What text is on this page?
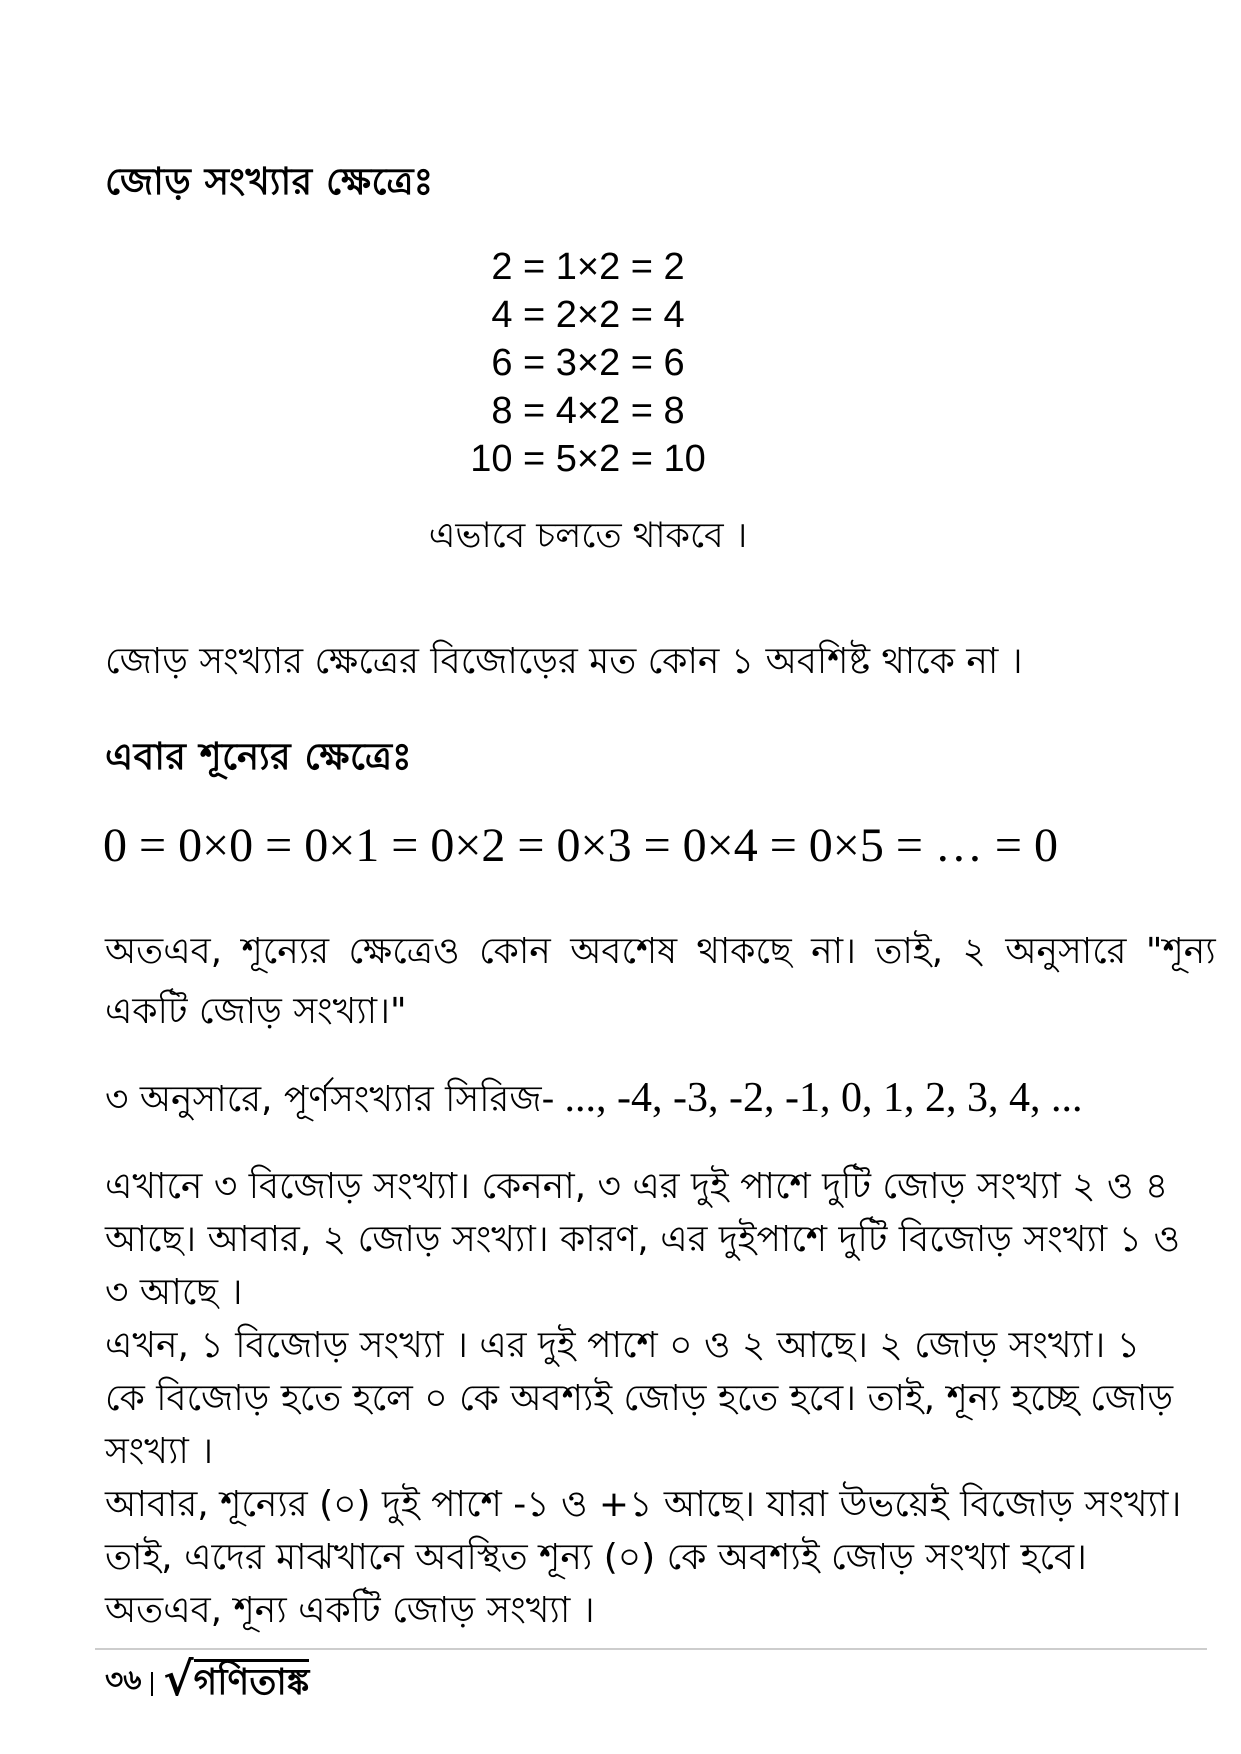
জোড় সংখ্যার ক্ষেত্রেঃ
2 = 1×2 = 2
4 = 2×2 = 4
6 = 3×2 = 6
8 = 4×2 = 8
10 = 5×2 = 10
এভাবে চলতে থাকবে ।
জোড় সংখ্যার ক্ষেত্রের বিজোড়ের মত কোন ১ অবশিষ্ট থাকে না ।
এবার শূন্যের ক্ষেত্রেঃ
0 = 0×0 = 0×1 = 0×2 = 0×3 = 0×4 = 0×5 = … = 0
অতএব, শূন্যের ক্ষেত্রেও কোন অবশেষ থাকছে না। তাই, ২ অনুসারে "শূন্য
একটি জোড় সংখ্যা।"
৩ অনুসারে, পূর্ণসংখ্যার সিরিজ- ..., -4, -3, -2, -1, 0, 1, 2, 3, 4, ...
এখানে ৩ বিজোড় সংখ্যা। কেননা, ৩ এর দুই পাশে দুটি জোড় সংখ্যা ২ ও ৪
আছে। আবার, ২ জোড় সংখ্যা। কারণ, এর দুইপাশে দুটি বিজোড় সংখ্যা ১ ও
৩ আছে ।
এখন, ১ বিজোড় সংখ্যা । এর দুই পাশে ০ ও ২ আছে। ২ জোড় সংখ্যা। ১
কে বিজোড় হতে হলে ০ কে অবশ্যই জোড় হতে হবে। তাই, শূন্য হচ্ছে জোড়
সংখ্যা ।
আবার, শূন্যের (০) দুই পাশে -১ ও +১ আছে। যারা উভয়েই বিজোড় সংখ্যা।
তাই, এদের মাঝখানে অবস্থিত শূন্য (০) কে অবশ্যই জোড় সংখ্যা হবে।
অতএব, শূন্য একটি জোড় সংখ্যা ।
৩৬ √ গণিতাঙ্ক
